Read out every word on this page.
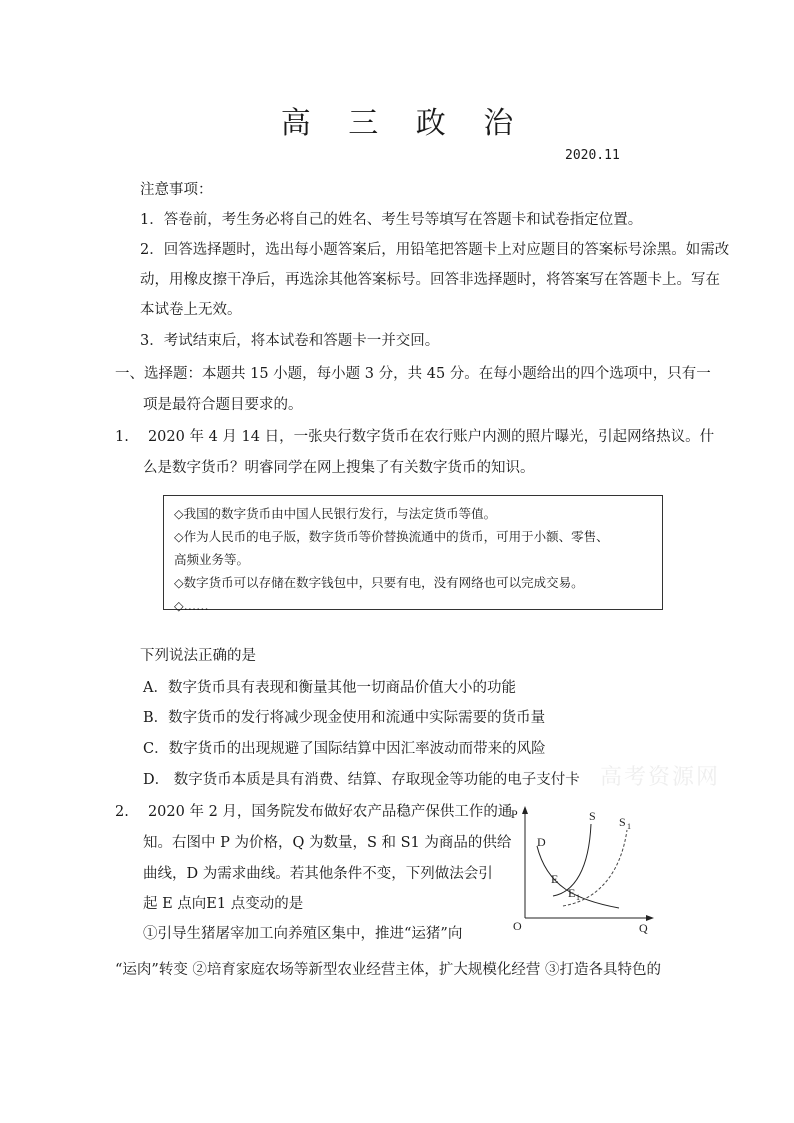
高 三 政 治
2020.11
注意事项：
1．答卷前，考生务必将自己的姓名、考生号等填写在答题卡和试卷指定位置。
2．回答选择题时，选出每小题答案后，用铅笔把答题卡上对应题目的答案标号涂黑。如需改
动，用橡皮擦干净后，再选涂其他答案标号。回答非选择题时，将答案写在答题卡上。写在
本试卷上无效。
3．考试结束后，将本试卷和答题卡一并交回。
一、选择题：本题共 15 小题，每小题 3 分，共 45 分。在每小题给出的四个选项中，只有一
项是最符合题目要求的。
1.　 2020 年 4 月 14 日，一张央行数字货币在农行账户内测的照片曝光，引起网络热议。什
么是数字货币？明睿同学在网上搜集了有关数字货币的知识。
◇我国的数字货币由中国人民银行发行，与法定货币等值。
◇作为人民币的电子版，数字货币等价替换流通中的货币，可用于小额、零售、
高频业务等。
◇数字货币可以存储在数字钱包中，只要有电，没有网络也可以完成交易。
◇……
下列说法正确的是
A．数字货币具有表现和衡量其他一切商品价值大小的功能
B．数字货币的发行将减少现金使用和流通中实际需要的货币量
C．数字货币的出现规避了国际结算中因汇率波动而带来的风险
D． 数字货币本质是具有消费、结算、存取现金等功能的电子支付卡 高考资源网
2.　 2020 年 2 月，国务院发布做好农产品稳产保供工作的通
知。右图中 P 为价格，Q 为数量，S 和 S1 为商品的供给
曲线，D 为需求曲线。若其他条件不变，下列做法会引
起 E 点向E1 点变动的是
①引导生猪屠宰加工向养殖区集中，推进“运猪”向
“运肉”转变 ②培育家庭农场等新型农业经营主体，扩大规模化经营 ③打造各具特色的
P
Q
O
S S 1
D
E
E 1
